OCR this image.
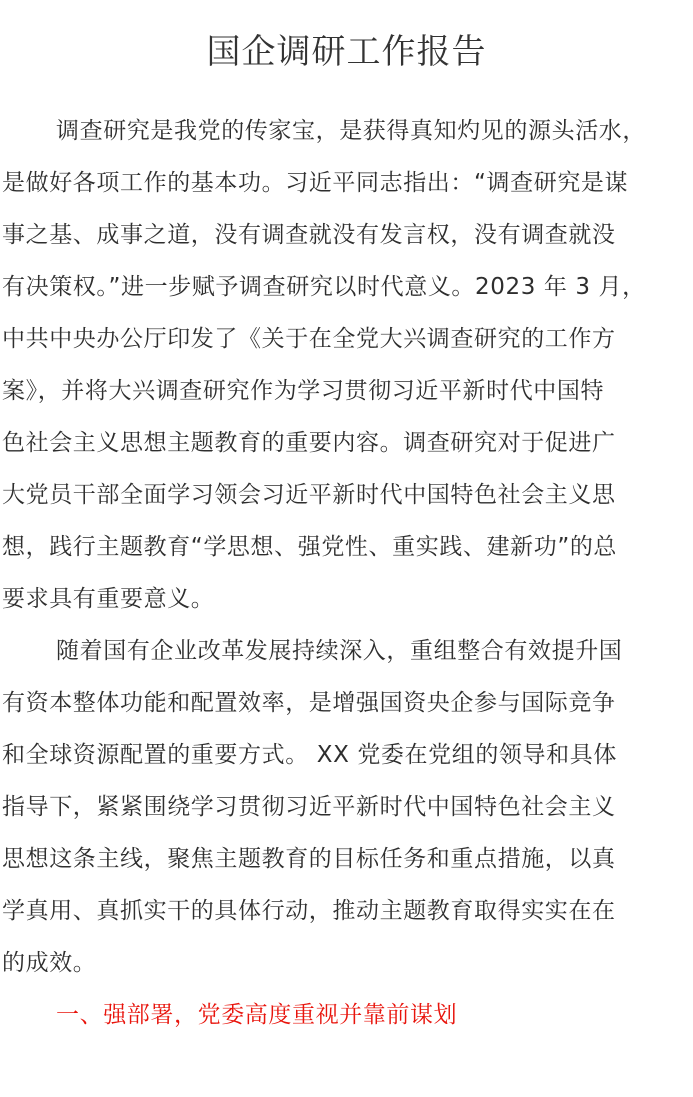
国企调研工作报告
调查研究是我党的传家宝，是获得真知灼见的源头活水，
是做好各项工作的基本功。习近平同志指出：“调查研究是谋
事之基、成事之道，没有调查就没有发言权，没有调查就没
有决策权。”进一步赋予调查研究以时代意义。2023 年 3 月，
中共中央办公厅印发了《关于在全党大兴调查研究的工作方
案》，并将大兴调查研究作为学习贯彻习近平新时代中国特
色社会主义思想主题教育的重要内容。调查研究对于促进广
大党员干部全面学习领会习近平新时代中国特色社会主义思
想，践行主题教育“学思想、强党性、重实践、建新功”的总
要求具有重要意义。
随着国有企业改革发展持续深入，重组整合有效提升国
有资本整体功能和配置效率，是增强国资央企参与国际竞争
和全球资源配置的重要方式。 XX 党委在党组的领导和具体
指导下，紧紧围绕学习贯彻习近平新时代中国特色社会主义
思想这条主线，聚焦主题教育的目标任务和重点措施，以真
学真用、真抓实干的具体行动，推动主题教育取得实实在在
的成效。
一、强部署，党委高度重视并靠前谋划
